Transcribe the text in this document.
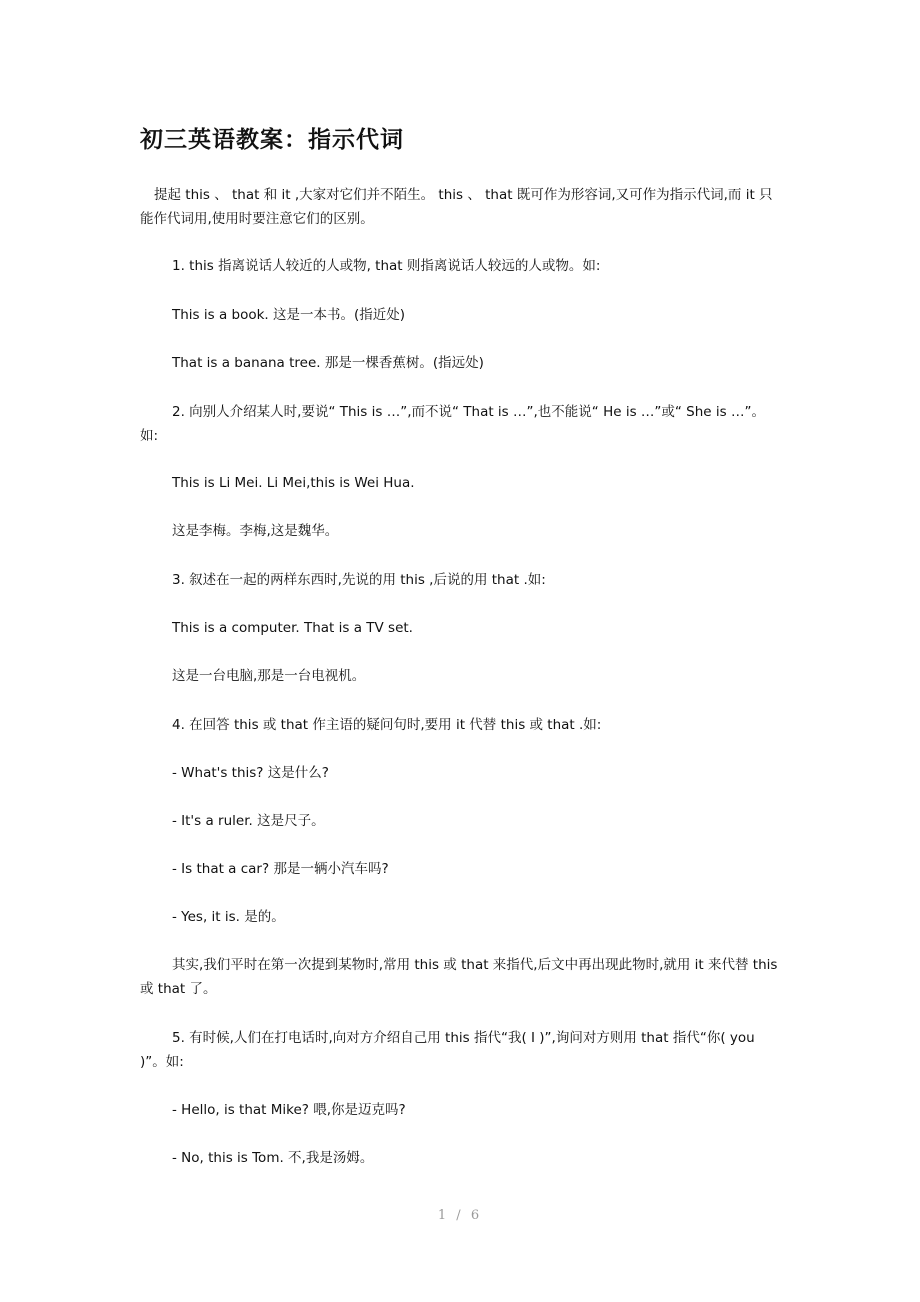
初三英语教案：指示代词
提起 this 、 that 和 it ,大家对它们并不陌生。 this 、 that 既可作为形容词,又可作为指示代词,而 it 只能作代词用,使用时要注意它们的区别。
1. this 指离说话人较近的人或物, that 则指离说话人较远的人或物。如:
This is a book. 这是一本书。(指近处)
That is a banana tree. 那是一棵香蕉树。(指远处)
2. 向别人介绍某人时,要说“ This is …”,而不说“ That is …”,也不能说“ He is …”或“ She is …”。如:
This is Li Mei. Li Mei,this is Wei Hua.
这是李梅。李梅,这是魏华。
3. 叙述在一起的两样东西时,先说的用 this ,后说的用 that .如:
This is a computer. That is a TV set.
这是一台电脑,那是一台电视机。
4. 在回答 this 或 that 作主语的疑问句时,要用 it 代替 this 或 that .如:
- What's this? 这是什么?
- It's a ruler. 这是尺子。
- Is that a car? 那是一辆小汽车吗?
- Yes, it is. 是的。
其实,我们平时在第一次提到某物时,常用 this 或 that 来指代,后文中再出现此物时,就用 it 来代替 this 或 that 了。
5. 有时候,人们在打电话时,向对方介绍自己用 this 指代“我( I )”,询问对方则用 that 指代“你( you )”。如:
- Hello, is that Mike? 喂,你是迈克吗?
- No, this is Tom. 不,我是汤姆。
1 / 6
